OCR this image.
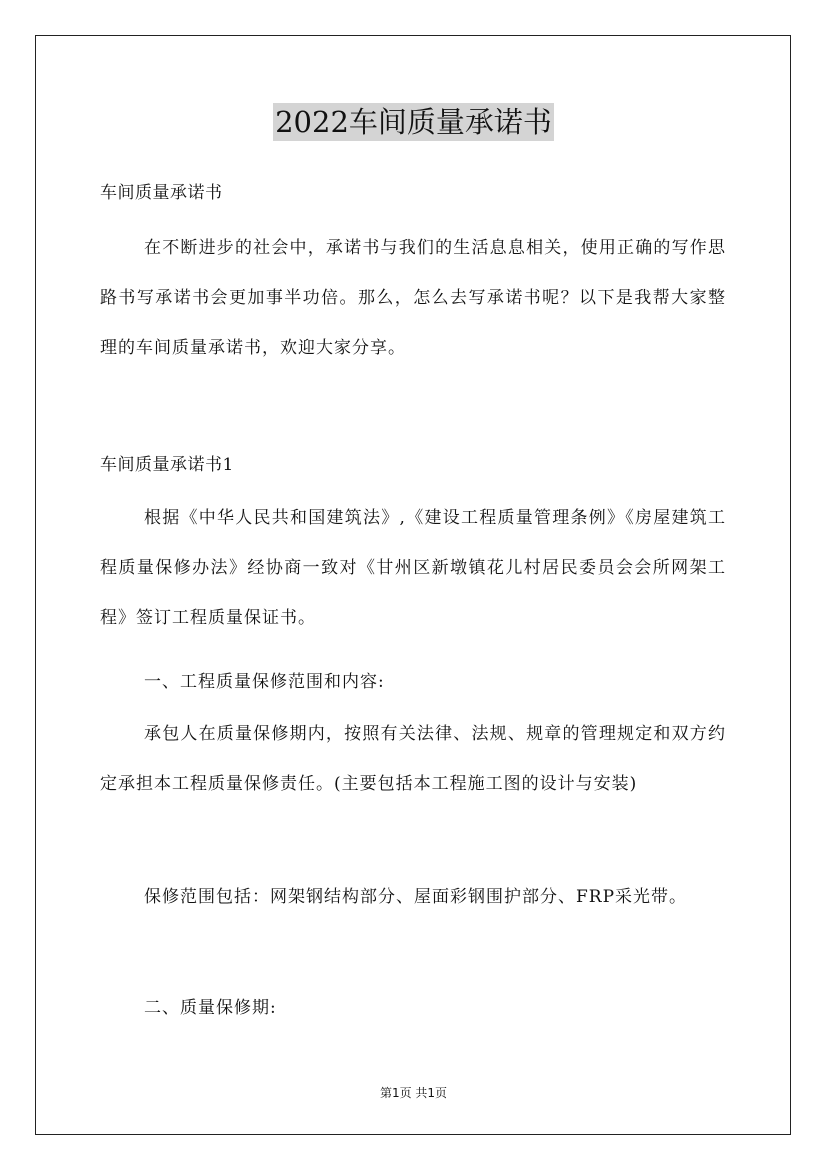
2022车间质量承诺书
车间质量承诺书

在不断进步的社会中，承诺书与我们的生活息息相关，使用正确的写作思路书写承诺书会更加事半功倍。那么，怎么去写承诺书呢？以下是我帮大家整理的车间质量承诺书，欢迎大家分享。

车间质量承诺书1

根据《中华人民共和国建筑法》,《建设工程质量管理条例》《房屋建筑工程质量保修办法》经协商一致对《甘州区新墩镇花儿村居民委员会会所网架工程》签订工程质量保证书。

一、工程质量保修范围和内容:

承包人在质量保修期内，按照有关法律、法规、规章的管理规定和双方约定承担本工程质量保修责任。(主要包括本工程施工图的设计与安装)

保修范围包括：网架钢结构部分、屋面彩钢围护部分、FRP采光带。

二、质量保修期:

第1页 共1页
